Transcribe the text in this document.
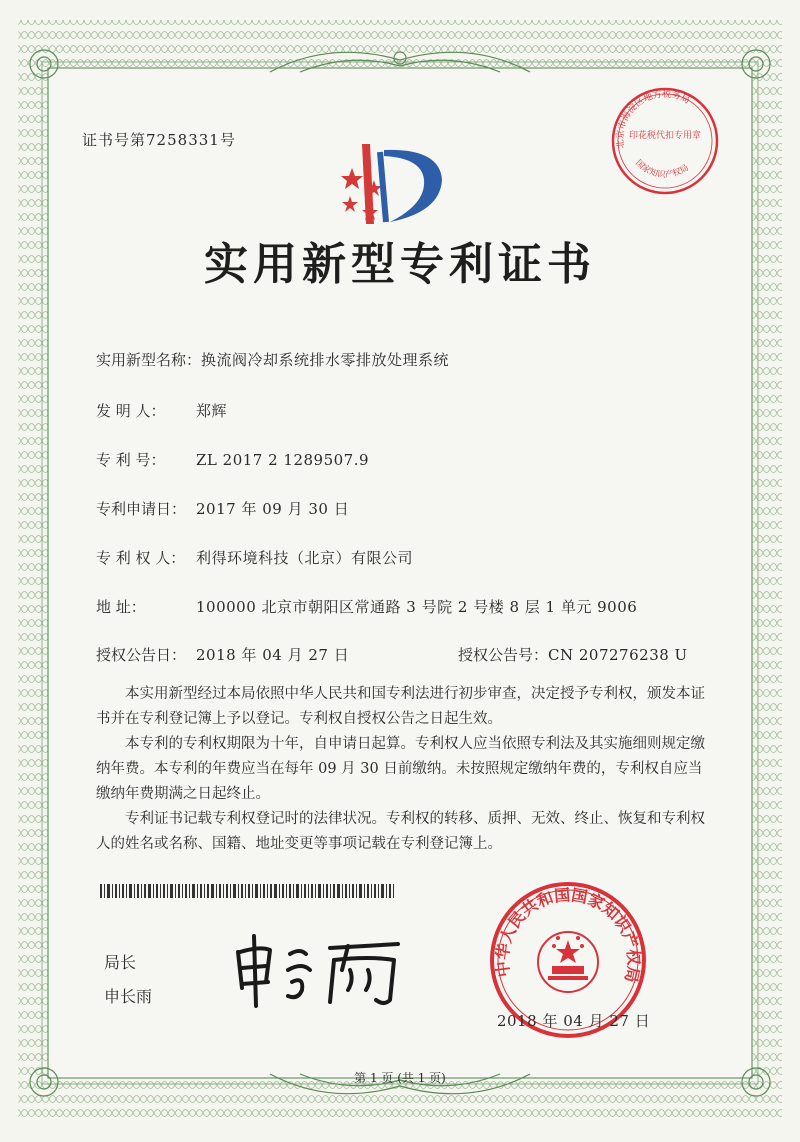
证书号第7258331号
实用新型专利证书
实用新型名称：换流阀冷却系统排水零排放处理系统
发 明 人： 郑辉
专 利 号： ZL 2017 2 1289507.9
专利申请日： 2017 年 09 月 30 日
专 利 权 人： 利得环境科技（北京）有限公司
地 址：	100000 北京市朝阳区常通路 3 号院 2 号楼 8 层 1 单元 9006
授权公告日： 2018 年 04 月 27 日	授权公告号：CN 207276238 U

本实用新型经过本局依照中华人民共和国专利法进行初步审查，决定授予专利权，颁发本证书并在专利登记簿上予以登记。专利权自授权公告之日起生效。

本专利的专利权期限为十年，自申请日起算。专利权人应当依照专利法及其实施细则规定缴纳年费。本专利的年费应当在每年 09 月 30 日前缴纳。未按照规定缴纳年费的，专利权自应当缴纳年费期满之日起终止。

专利证书记载专利权登记时的法律状况。专利权的转移、质押、无效、终止、恢复和专利权人的姓名或名称、国籍、地址变更等事项记载在专利登记簿上。

局长
申长雨
中华人民共和国国家知识产权局
2018 年 04 月 27 日
北京市海淀区地方税务局
国家知识产权局
印花税代扣专用章
第 1 页 (共 1 页)
